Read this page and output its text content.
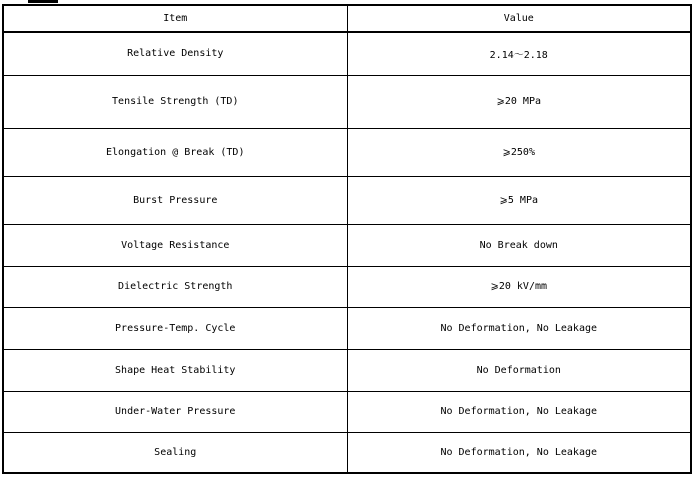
Item	Value
Relative Density	2.14～2.18
Tensile Strength (TD)	⩾20 MPa
Elongation @ Break (TD)	⩾250%
Burst Pressure	⩾5 MPa
Voltage Resistance	No Break down
Dielectric Strength	⩾20 kV/mm
Pressure-Temp. Cycle	No Deformation, No Leakage
Shape Heat Stability	No Deformation
Under-Water Pressure	No Deformation, No Leakage
Sealing	No Deformation, No Leakage
